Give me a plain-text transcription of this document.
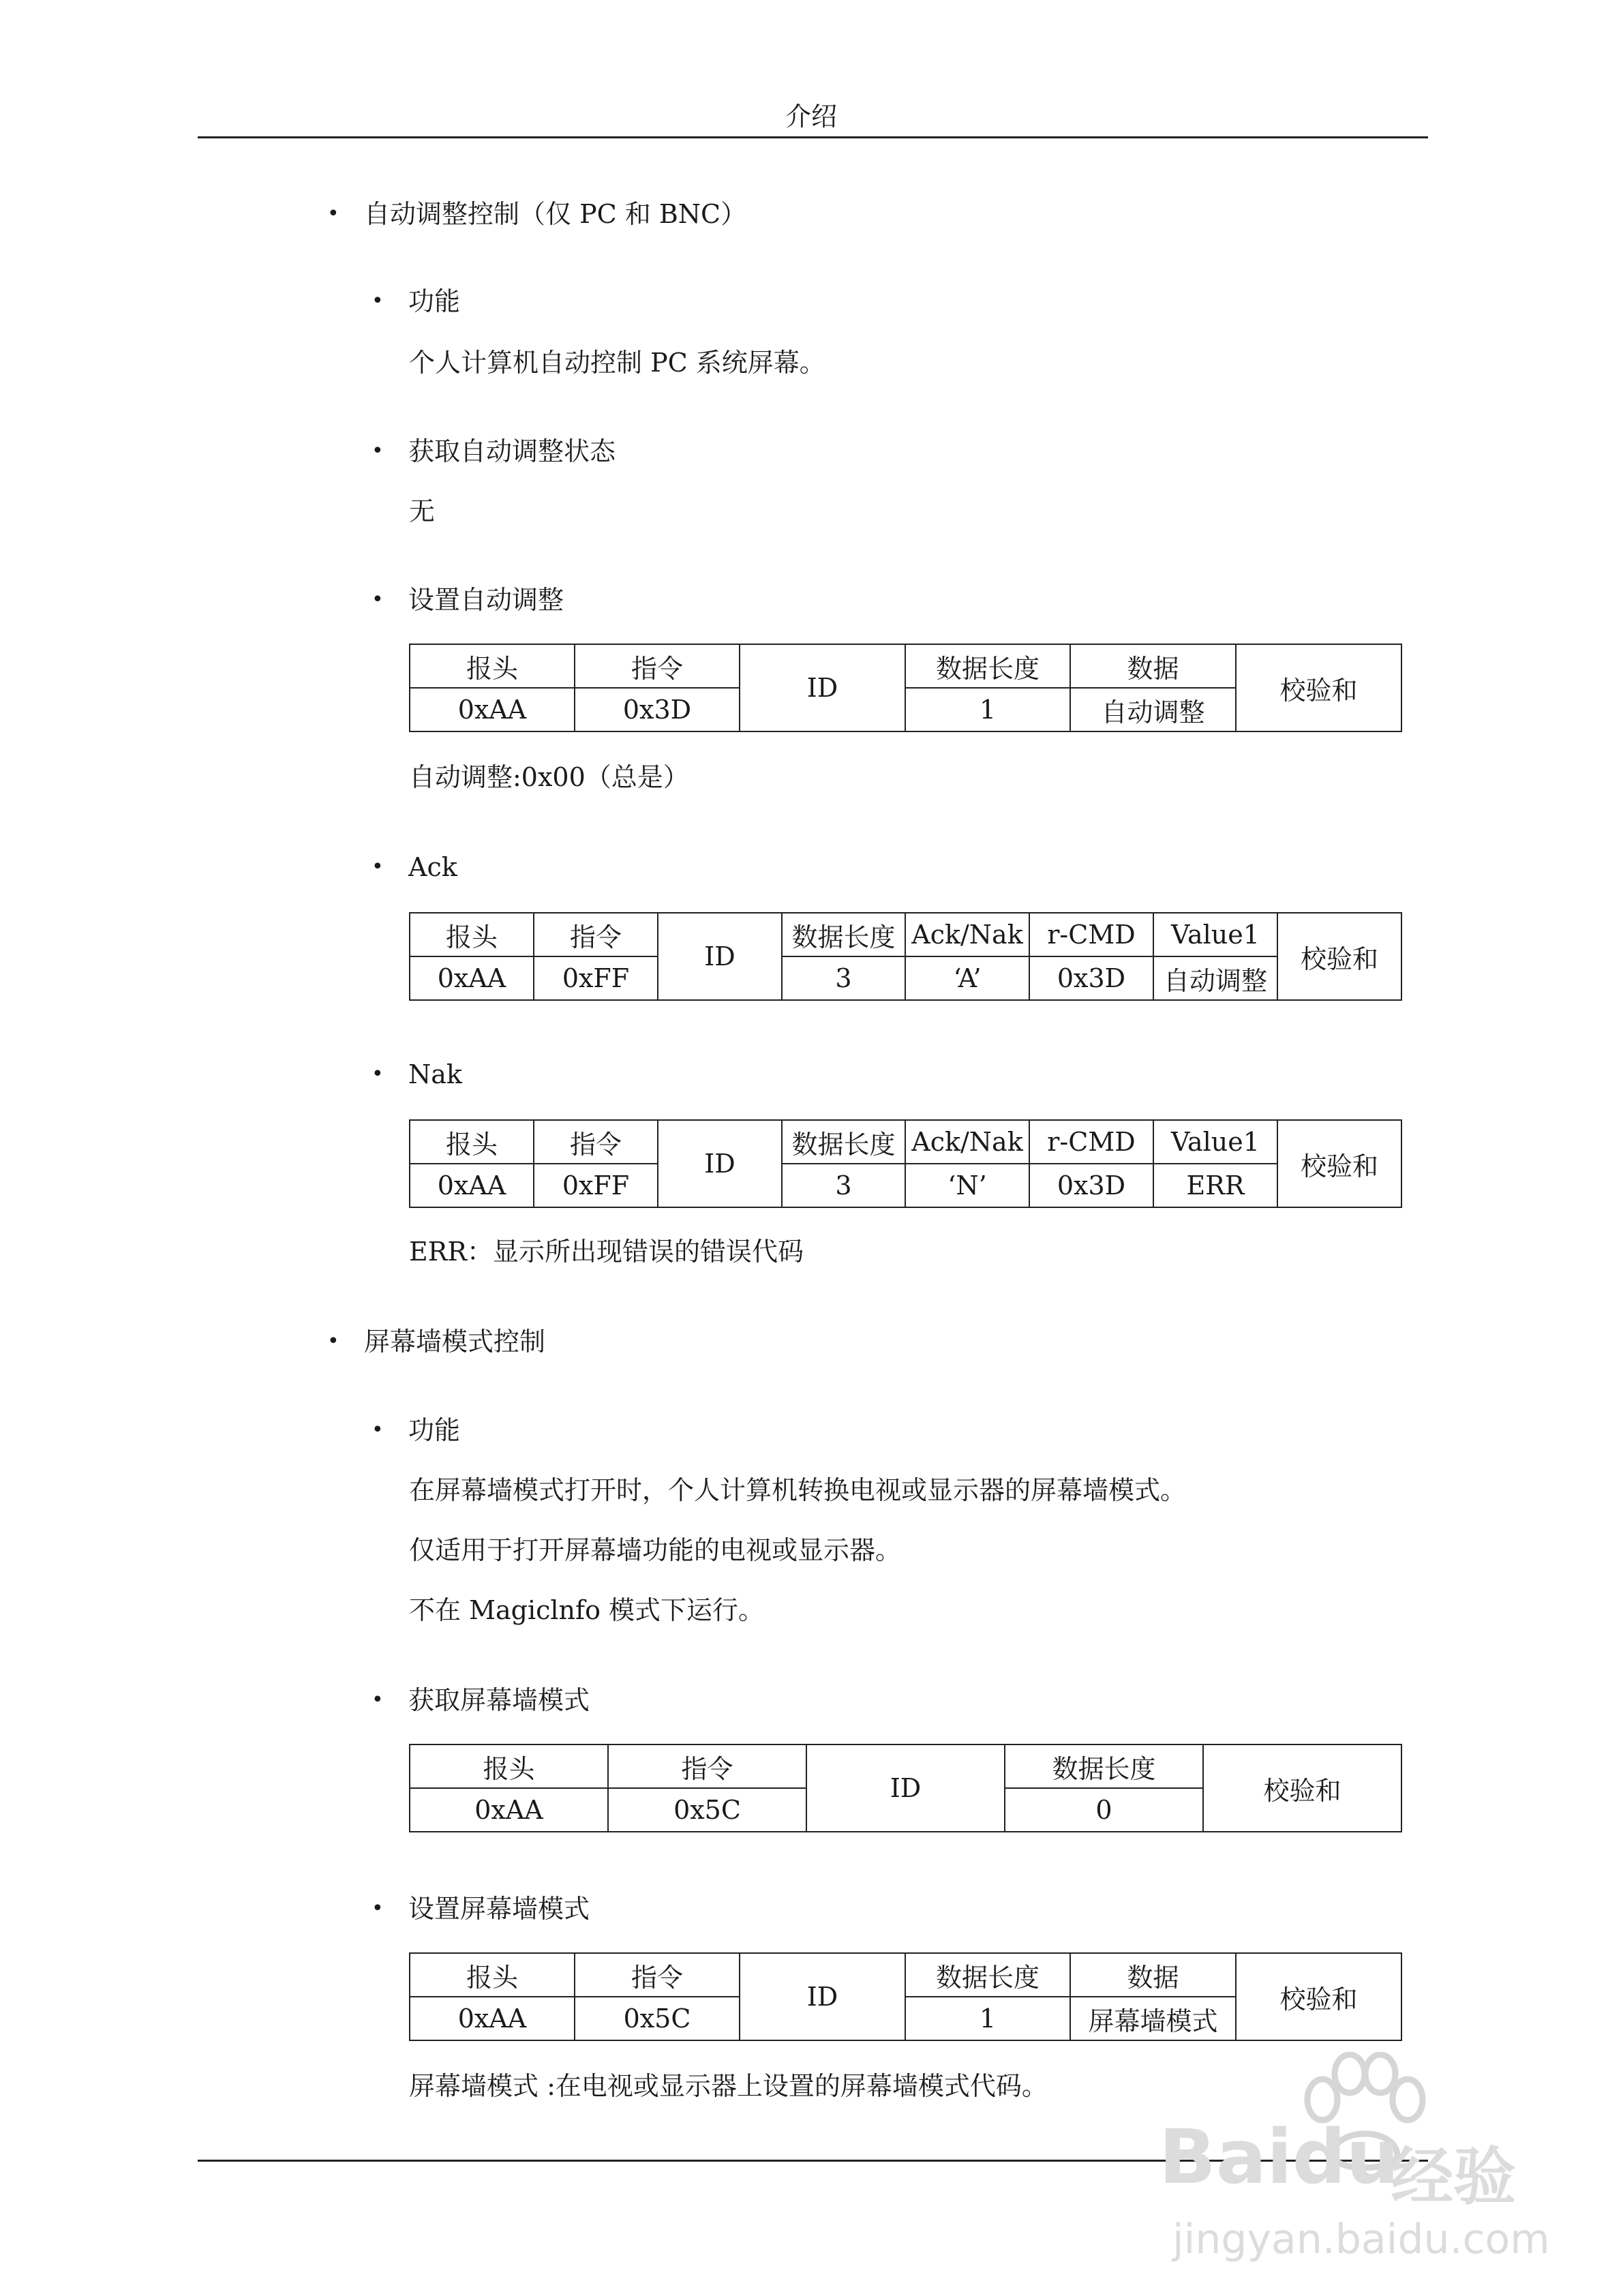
介绍
• 自动调整控制（仅 PC 和 BNC）
• 功能
个人计算机自动控制 PC 系统屏幕。
• 获取自动调整状态
无
• 设置自动调整
报头	指令	ID	数据长度	数据	校验和
0xAA	0x3D		1	自动调整	
自动调整:0x00（总是）
• Ack
报头	指令	ID	数据长度	Ack/Nak	r-CMD	Value1	校验和
0xAA	0xFF		3	‘A’	0x3D	自动调整	
• Nak
报头	指令	ID	数据长度	Ack/Nak	r-CMD	Value1	校验和
0xAA	0xFF		3	‘N’	0x3D	ERR	
ERR：显示所出现错误的错误代码
• 屏幕墙模式控制
• 功能
在屏幕墙模式打开时，个人计算机转换电视或显示器的屏幕墙模式。
仅适用于打开屏幕墙功能的电视或显示器。
不在 Magiclnfo 模式下运行。
• 获取屏幕墙模式
报头	指令	ID	数据长度	校验和
0xAA	0x5C		0	
• 设置屏幕墙模式
报头	指令	ID	数据长度	数据	校验和
0xAA	0x5C		1	屏幕墙模式	
屏幕墙模式 :在电视或显示器上设置的屏幕墙模式代码。
Baidu
经验
jingyan.baidu.com
